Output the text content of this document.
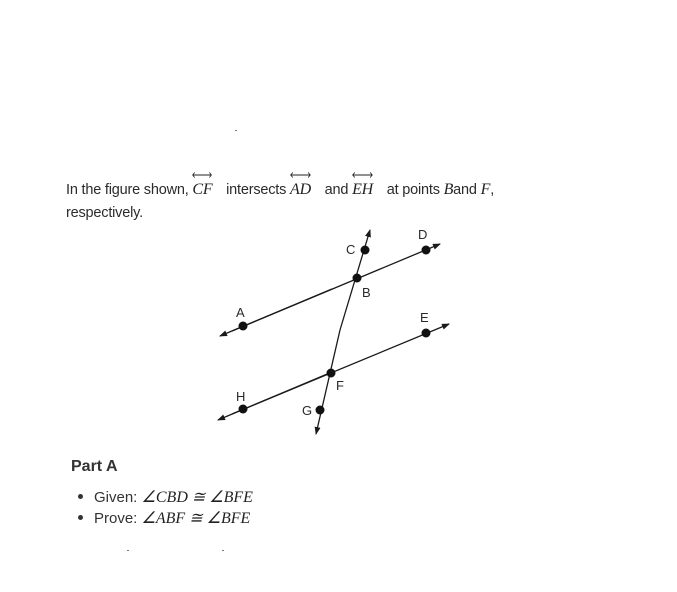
In the figure shown, CF intersects AD and EH at points Band F,
respectively.
A
B
C
D
E
F
G
H
Part A
Given: ∠CBD ≅ ∠BFE
Prove: ∠ABF ≅ ∠BFE
